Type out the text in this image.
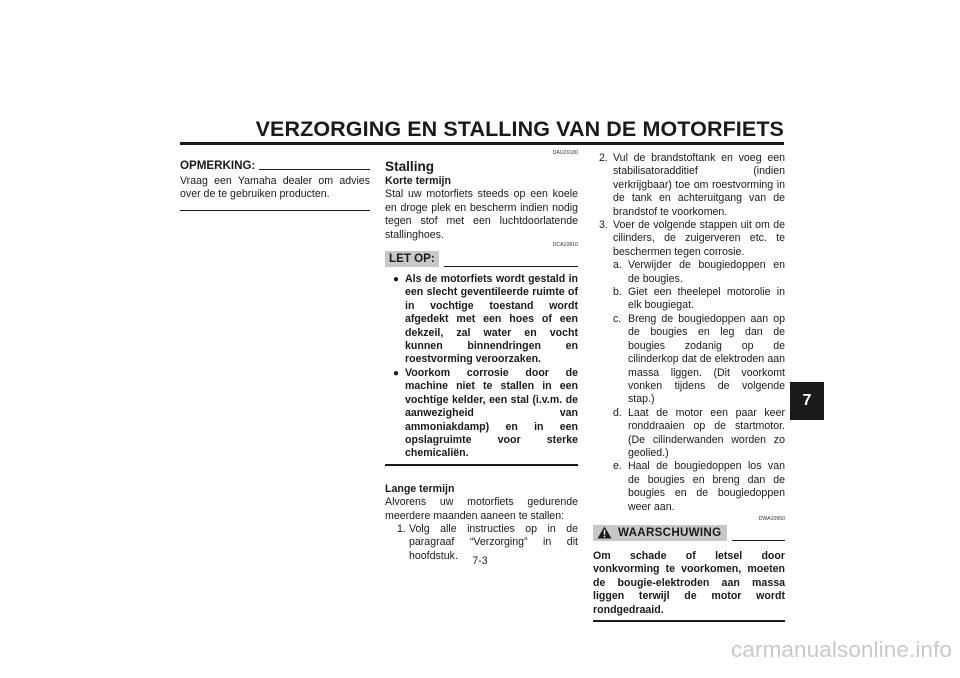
VERZORGING EN STALLING VAN DE MOTORFIETS
OPMERKING:

Vraag een Yamaha dealer om advies over de te gebruiken producten.

DAU26180
Stalling

Korte termijn

Stal uw motorfiets steeds op een koele en droge plek en bescherm indien nodig tegen stof met een luchtdoorlatende stallinghoes.

DCA10810
LET OP:
● Als de motorfiets wordt gestald in een slecht geventileerde ruimte of in vochtige toestand wordt afgedekt met een hoes of een dekzeil, zal water en vocht kunnen binnendringen en roestvorming veroorzaken.
● Voorkom corrosie door de machine niet te stallen in een vochtige kelder, een stal (i.v.m. de aanwezigheid van ammoniakdamp) en in een opslagruimte voor sterke chemicaliën.

Lange termijn

Alvorens uw motorfiets gedurende meerdere maanden aaneen te stallen:

1. Volg alle instructies op in de paragraaf “Verzorging” in dit hoofdstuk.
2. Vul de brandstoftank en voeg een stabilisatoradditief (indien verkrijgbaar) toe om roestvorming in de tank en achteruitgang van de brandstof te voorkomen.
3. Voer de volgende stappen uit om de cilinders, de zuigerveren etc. te beschermen tegen corrosie.
a. Verwijder de bougiedoppen en de bougies.
b. Giet een theelepel motorolie in elk bougiegat.
c. Breng de bougiedoppen aan op de bougies en leg dan de bougies zodanig op de cilinderkop dat de elektroden aan massa liggen. (Dit voorkomt vonken tijdens de volgende stap.)
d. Laat de motor een paar keer ronddraaien op de startmotor. (De cilinderwanden worden zo geolied.)
e. Haal de bougiedoppen los van de bougies en breng dan de bougies en de bougiedoppen weer aan.
DWA10950
WAARSCHUWING

Om schade of letsel door vonkvorming te voorkomen, moeten de bougie-elektroden aan massa liggen terwijl de motor wordt rondgedraaid.

7-3
7
carmanualsonline.info
